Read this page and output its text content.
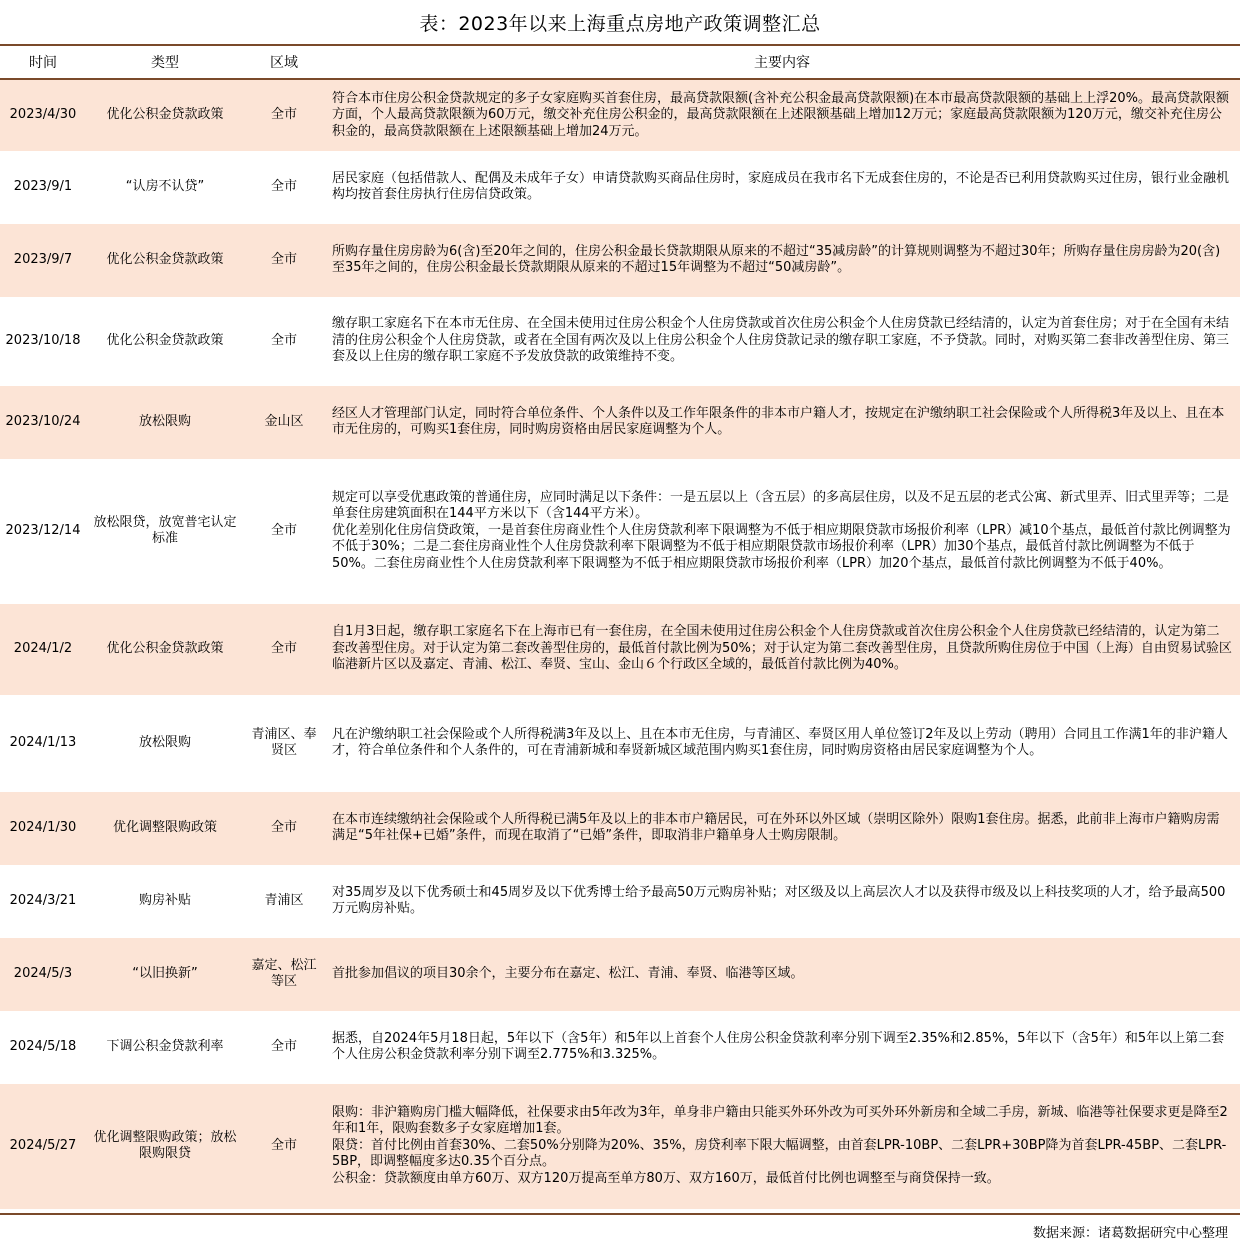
表：2023年以来上海重点房地产政策调整汇总
时间	类型	区域	主要内容
2023/4/30	优化公积金贷款政策	全市	符合本市住房公积金贷款规定的多子女家庭购买首套住房，最高贷款限额(含补充公积金最高贷款限额)在本市最高贷款限额的基础上上浮20%。最高贷款限额方面，个人最高贷款限额为60万元，缴交补充住房公积金的，最高贷款限额在上述限额基础上增加12万元；家庭最高贷款限额为120万元，缴交补充住房公积金的，最高贷款限额在上述限额基础上增加24万元。
2023/9/1	“认房不认贷”	全市	居民家庭（包括借款人、配偶及未成年子女）申请贷款购买商品住房时，家庭成员在我市名下无成套住房的，不论是否已利用贷款购买过住房，银行业金融机构均按首套住房执行住房信贷政策。
2023/9/7	优化公积金贷款政策	全市	所购存量住房房龄为6(含)至20年之间的，住房公积金最长贷款期限从原来的不超过“35减房龄”的计算规则调整为不超过30年；所购存量住房房龄为20(含)至35年之间的，住房公积金最长贷款期限从原来的不超过15年调整为不超过“50减房龄”。
2023/10/18	优化公积金贷款政策	全市	缴存职工家庭名下在本市无住房、在全国未使用过住房公积金个人住房贷款或首次住房公积金个人住房贷款已经结清的，认定为首套住房；对于在全国有未结清的住房公积金个人住房贷款，或者在全国有两次及以上住房公积金个人住房贷款记录的缴存职工家庭，不予贷款。同时，对购买第二套非改善型住房、第三套及以上住房的缴存职工家庭不予发放贷款的政策维持不变。
2023/10/24	放松限购	金山区	经区人才管理部门认定，同时符合单位条件、个人条件以及工作年限条件的非本市户籍人才，按规定在沪缴纳职工社会保险或个人所得税3年及以上、且在本市无住房的，可购买1套住房，同时购房资格由居民家庭调整为个人。
2023/12/14	放松限贷，放宽普宅认定标准	全市	规定可以享受优惠政策的普通住房，应同时满足以下条件：一是五层以上（含五层）的多高层住房，以及不足五层的老式公寓、新式里弄、旧式里弄等；二是单套住房建筑面积在144平方米以下（含144平方米）。
优化差别化住房信贷政策，一是首套住房商业性个人住房贷款利率下限调整为不低于相应期限贷款市场报价利率（LPR）减10个基点，最低首付款比例调整为不低于30%；二是二套住房商业性个人住房贷款利率下限调整为不低于相应期限贷款市场报价利率（LPR）加30个基点，最低首付款比例调整为不低于50%。二套住房商业性个人住房贷款利率下限调整为不低于相应期限贷款市场报价利率（LPR）加20个基点，最低首付款比例调整为不低于40%。

2024/1/2	优化公积金贷款政策	全市	自1月3日起，缴存职工家庭名下在上海市已有一套住房，在全国未使用过住房公积金个人住房贷款或首次住房公积金个人住房贷款已经结清的，认定为第二套改善型住房。对于认定为第二套改善型住房的，最低首付款比例为50%；对于认定为第二套改善型住房，且贷款所购住房位于中国（上海）自由贸易试验区临港新片区以及嘉定、青浦、松江、奉贤、宝山、金山６个行政区全域的，最低首付款比例为40%。
2024/1/13	放松限购	青浦区、奉贤区	凡在沪缴纳职工社会保险或个人所得税满3年及以上、且在本市无住房，与青浦区、奉贤区用人单位签订2年及以上劳动（聘用）合同且工作满1年的非沪籍人才，符合单位条件和个人条件的，可在青浦新城和奉贤新城区域范围内购买1套住房，同时购房资格由居民家庭调整为个人。
2024/1/30	优化调整限购政策	全市	在本市连续缴纳社会保险或个人所得税已满5年及以上的非本市户籍居民，可在外环以外区域（崇明区除外）限购1套住房。据悉，此前非上海市户籍购房需满足“5年社保+已婚”条件，而现在取消了“已婚”条件，即取消非户籍单身人士购房限制。
2024/3/21	购房补贴	青浦区	对35周岁及以下优秀硕士和45周岁及以下优秀博士给予最高50万元购房补贴；对区级及以上高层次人才以及获得市级及以上科技奖项的人才，给予最高500万元购房补贴。
2024/5/3	“以旧换新”	嘉定、松江等区	首批参加倡议的项目30余个，主要分布在嘉定、松江、青浦、奉贤、临港等区域。
2024/5/18	下调公积金贷款利率	全市	据悉，自2024年5月18日起，5年以下（含5年）和5年以上首套个人住房公积金贷款利率分别下调至2.35%和2.85%，5年以下（含5年）和5年以上第二套个人住房公积金贷款利率分别下调至2.775%和3.325%。
2024/5/27	优化调整限购政策；放松限购限贷	全市	限购：非沪籍购房门槛大幅降低，社保要求由5年改为3年，单身非户籍由只能买外环外改为可买外环外新房和全域二手房，新城、临港等社保要求更是降至2年和1年，限购套数多子女家庭增加1套。
限贷：首付比例由首套30%、二套50%分别降为20%、35%，房贷利率下限大幅调整，由首套LPR-10BP、二套LPR+30BP降为首套LPR-45BP、二套LPR-5BP，即调整幅度多达0.35个百分点。
公积金：贷款额度由单方60万、双方120万提高至单方80万、双方160万，最低首付比例也调整至与商贷保持一致。
数据来源：诸葛数据研究中心整理
